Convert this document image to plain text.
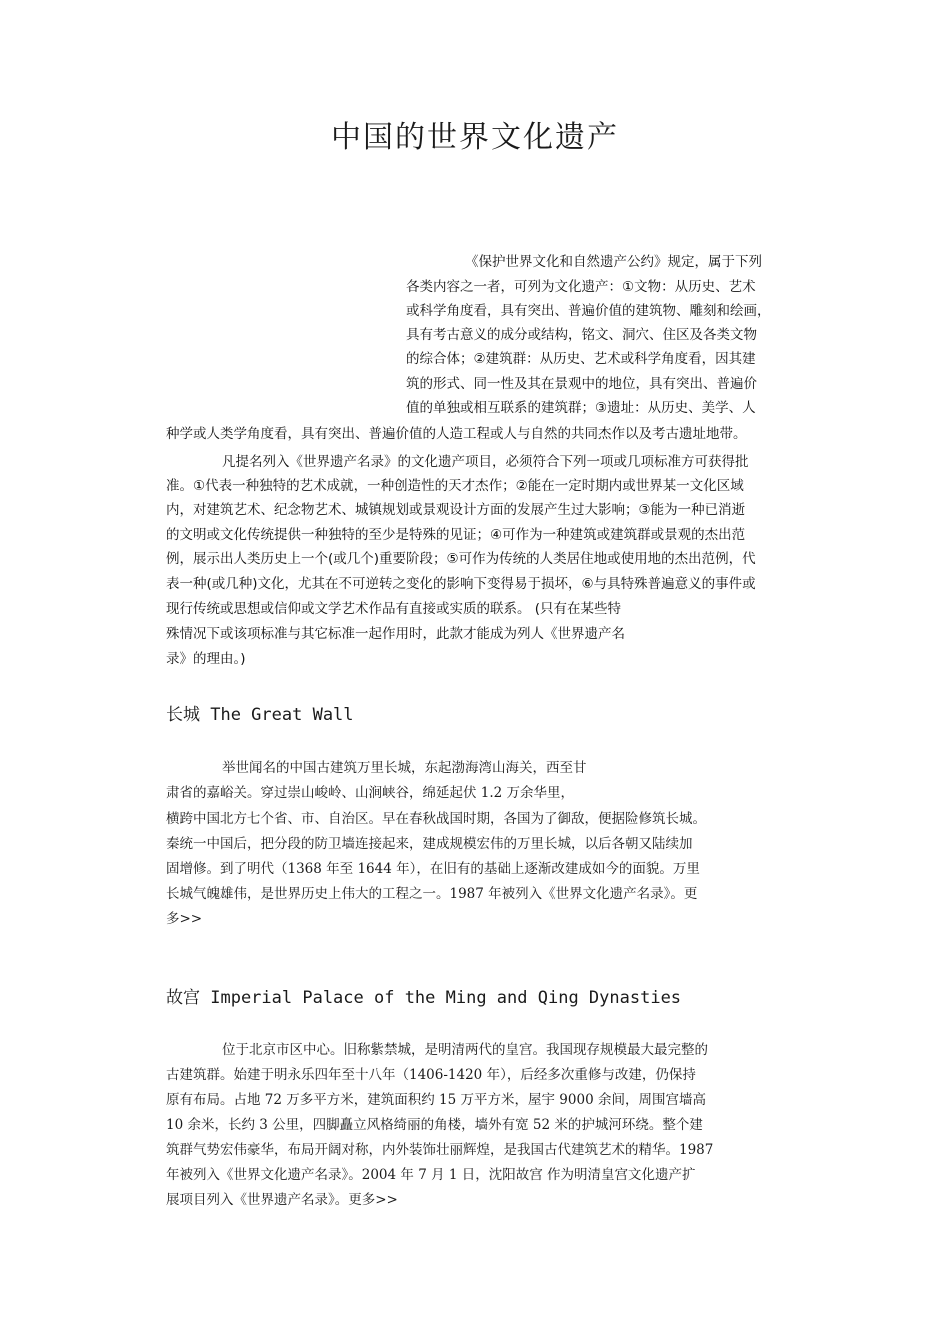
中国的世界文化遗产

《保护世界文化和自然遗产公约》规定，属于下列

各类内容之一者，可列为文化遗产：①文物：从历史、艺术

或科学角度看，具有突出、普遍价值的建筑物、雕刻和绘画，

具有考古意义的成分或结构，铭文、洞穴、住区及各类文物

的综合体；②建筑群：从历史、艺术或科学角度看，因其建

筑的形式、同一性及其在景观中的地位，具有突出、普遍价

值的单独或相互联系的建筑群；③遗址：从历史、美学、人

种学或人类学角度看，具有突出、普遍价值的人造工程或人与自然的共同杰作以及考古遗址地带。

凡提名列入《世界遗产名录》的文化遗产项目，必须符合下列一项或几项标准方可获得批

准。①代表一种独特的艺术成就，一种创造性的天才杰作；②能在一定时期内或世界某一文化区域

内，对建筑艺术、纪念物艺术、城镇规划或景观设计方面的发展产生过大影响；③能为一种已消逝

的文明或文化传统提供一种独特的至少是特殊的见证；④可作为一种建筑或建筑群或景观的杰出范

例，展示出人类历史上一个(或几个)重要阶段；⑤可作为传统的人类居住地或使用地的杰出范例，代

表一种(或几种)文化，尤其在不可逆转之变化的影响下变得易于损坏，⑥与具特殊普遍意义的事件或

现行传统或思想或信仰或文学艺术作品有直接或实质的联系。 (只有在某些特

殊情况下或该项标准与其它标准一起作用时，此款才能成为列人《世界遗产名

录》的理由。)

长城 The Great Wall

举世闻名的中国古建筑万里长城，东起渤海湾山海关，西至甘

肃省的嘉峪关。穿过崇山峻岭、山涧峡谷，绵延起伏 1.2 万余华里，

横跨中国北方七个省、市、自治区。早在春秋战国时期，各国为了御敌，便据险修筑长城。

秦统一中国后，把分段的防卫墙连接起来，建成规模宏伟的万里长城，以后各朝又陆续加

固增修。到了明代（1368 年至 1644 年），在旧有的基础上逐渐改建成如今的面貌。万里

长城气魄雄伟，是世界历史上伟大的工程之一。1987 年被列入《世界文化遗产名录》。更

多>>

故宫 Imperial Palace of the Ming and Qing Dynasties

位于北京市区中心。旧称紫禁城，是明清两代的皇宫。我国现存规模最大最完整的

古建筑群。始建于明永乐四年至十八年（1406-1420 年），后经多次重修与改建，仍保持

原有布局。占地 72 万多平方米，建筑面积约 15 万平方米，屋宇 9000 余间，周围宫墙高

10 余米，长约 3 公里，四脚矗立风格绮丽的角楼，墙外有宽 52 米的护城河环绕。整个建

筑群气势宏伟豪华，布局开阔对称，内外装饰壮丽辉煌，是我国古代建筑艺术的精华。1987

年被列入《世界文化遗产名录》。2004 年 7 月 1 日，沈阳故宫 作为明清皇宫文化遗产扩

展项目列入《世界遗产名录》。更多>>
